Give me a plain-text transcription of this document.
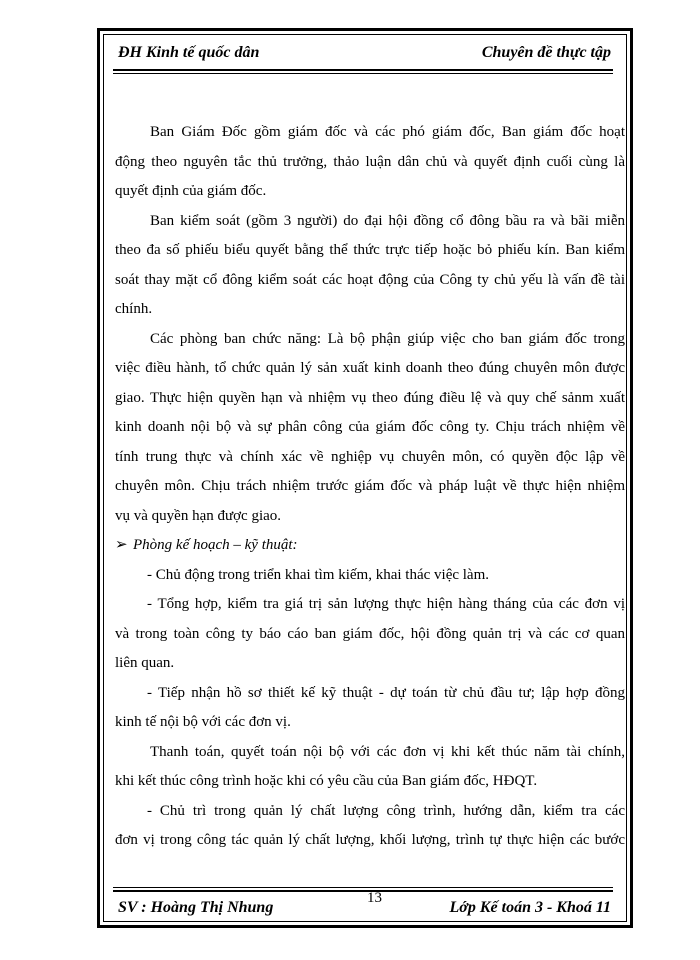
ĐH Kinh tế quốc dân	Chuyên đề thực tập
Ban Giám Đốc gồm giám đốc và các phó giám đốc, Ban giám đốc hoạt
động theo nguyên tắc thủ trưởng, thảo luận dân chủ và quyết định cuối cùng là
quyết định của giám đốc.
Ban kiểm soát (gồm 3 người) do đại hội đồng cổ đông bầu ra và bãi miễn
theo đa số phiếu biểu quyết bằng thể thức trực tiếp hoặc bỏ phiếu kín. Ban kiểm
soát thay mặt cổ đông kiểm soát các hoạt động của Công ty chủ yếu là vấn đề tài
chính.
Các phòng ban chức năng: Là bộ phận giúp việc cho ban giám đốc trong
việc điều hành, tổ chức quản lý sản xuất kinh doanh theo đúng chuyên môn được
giao. Thực hiện quyền hạn và nhiệm vụ theo đúng điều lệ và quy chế sảnm xuất
kinh doanh nội bộ và sự phân công của giám đốc công ty. Chịu trách nhiệm về
tính trung thực và chính xác về nghiệp vụ chuyên môn, có quyền độc lập về
chuyên môn. Chịu trách nhiệm trước giám đốc và pháp luật về thực hiện nhiệm
vụ và quyền hạn được giao.
➢ Phòng kế hoạch – kỹ thuật:
- Chủ động trong triển khai tìm kiếm, khai thác việc làm.
- Tổng hợp, kiểm tra giá trị sản lượng thực hiện hàng tháng của các đơn vị
và trong toàn công ty báo cáo ban giám đốc, hội đồng quản trị và các cơ quan
liên quan.
- Tiếp nhận hồ sơ thiết kế kỹ thuật - dự toán từ chủ đầu tư; lập hợp đồng
kinh tế nội bộ với các đơn vị.
Thanh toán, quyết toán nội bộ với các đơn vị khi kết thúc năm tài chính,
khi kết thúc công trình hoặc khi có yêu cầu của Ban giám đốc, HĐQT.
- Chủ trì trong quản lý chất lượng công trình, hướng dẫn, kiểm tra các
đơn vị trong công tác quản lý chất lượng, khối lượng, trình tự thực hiện các bước
SV : Hoàng Thị Nhung
13
Lớp Kế toán 3 - Khoá 11
